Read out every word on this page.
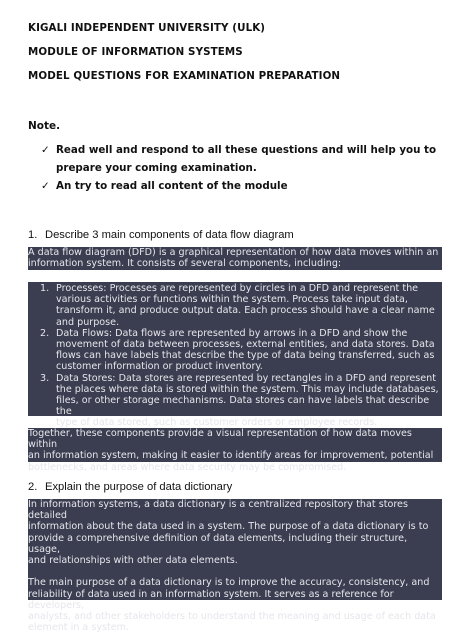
KIGALI INDEPENDENT UNIVERSITY (ULK)
MODULE OF INFORMATION SYSTEMS
MODEL QUESTIONS FOR EXAMINATION PREPARATION
Note.
✓ Read well and respond to all these questions and will help you to
prepare your coming examination.
✓ An try to read all content of the module
1. Describe 3 main components of data flow diagram

A data flow diagram (DFD) is a graphical representation of how data moves within an

information system. It consists of several components, including:

1. Processes: Processes are represented by circles in a DFD and represent the

various activities or functions within the system. Process take input data,

transform it, and produce output data. Each process should have a clear name

and purpose.

2. Data Flows: Data flows are represented by arrows in a DFD and show the

movement of data between processes, external entities, and data stores. Data

flows can have labels that describe the type of data being transferred, such as

customer information or product inventory.

3. Data Stores: Data stores are represented by rectangles in a DFD and represent

the places where data is stored within the system. This may include databases,

files, or other storage mechanisms. Data stores can have labels that describe the

type of data stored, such as customer orders or employee records.

Together, these components provide a visual representation of how data moves within

an information system, making it easier to identify areas for improvement, potential

bottlenecks, and areas where data security may be compromised.

2. Explain the purpose of data dictionary

In information systems, a data dictionary is a centralized repository that stores detailed

information about the data used in a system. The purpose of a data dictionary is to

provide a comprehensive definition of data elements, including their structure, usage,

and relationships with other data elements.

The main purpose of a data dictionary is to improve the accuracy, consistency, and

reliability of data used in an information system. It serves as a reference for developers,

analysts, and other stakeholders to understand the meaning and usage of each data

element in a system.
